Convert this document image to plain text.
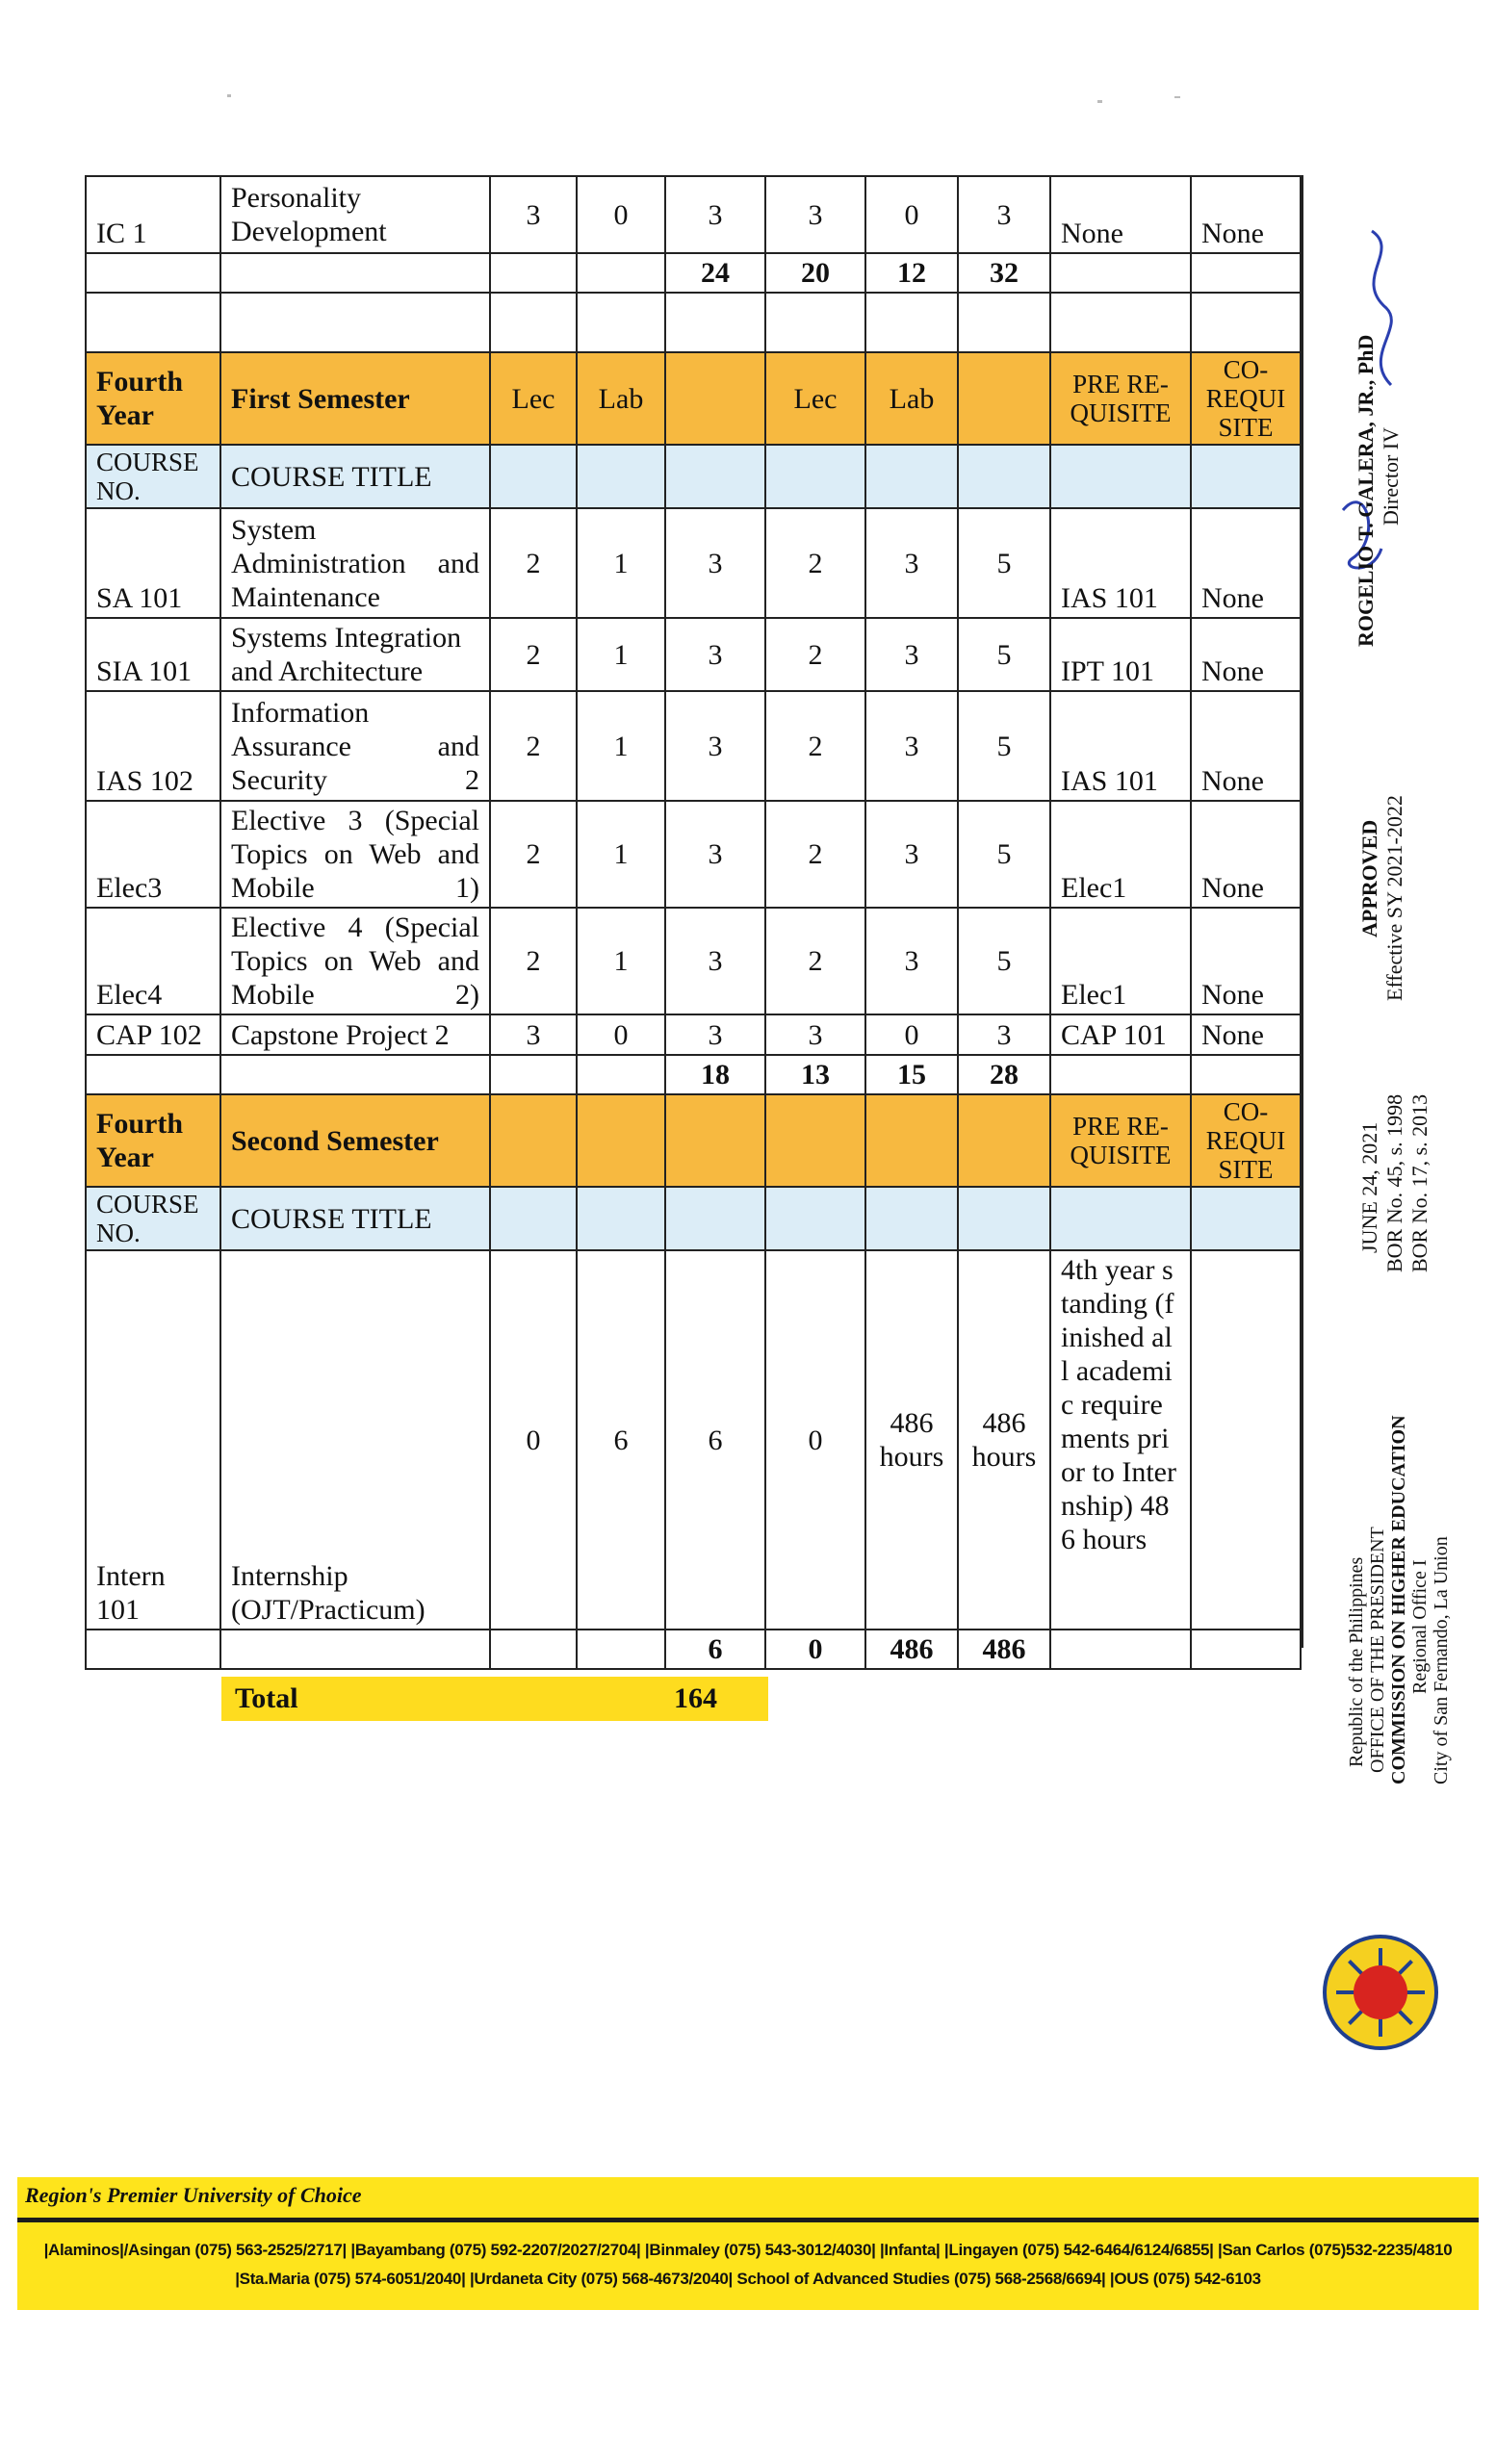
IC 1	Personality Development	3	0	3	3	0	3	None	None
				24	20	12	32		

Fourth Year	First Semester	Lec	Lab		Lec	Lab		PRE RE-QUISITE	CO-REQUI SITE
COURSE NO.	COURSE TITLE								
SA 101	System Administration and Maintenance	2	1	3	2	3	5	IAS 101	None
SIA 101	Systems Integration and Architecture	2	1	3	2	3	5	IPT 101	None
IAS 102	Information Assurance and Security 2	2	1	3	2	3	5	IAS 101	None
Elec3	Elective 3 (Special Topics on Web and Mobile 1)	2	1	3	2	3	5	Elec1	None
Elec4	Elective 4 (Special Topics on Web and Mobile 2)	2	1	3	2	3	5	Elec1	None
CAP 102	Capstone Project 2	3	0	3	3	0	3	CAP 101	None
				18	13	15	28		
Fourth Year	Second Semester							PRE RE-QUISITE	CO-REQUI SITE
COURSE NO.	COURSE TITLE								
Intern 101	Internship (OJT/Practicum)	0	6	6	0	486 hours	486 hours	4th year standing (finished all academic requirements prior to Internship) 486 hours	
				6	0	486	486		
Total	164
ROGELIO T. GALERA, JR., PhD Director IV
APPROVED Effective SY 2021-2022
JUNE 24, 2021 BOR No. 45, s. 1998 BOR No. 17, s. 2013
Republic of the Philippines OFFICE OF THE PRESIDENT COMMISSION ON HIGHER EDUCATION Regional Office I City of San Fernando, La Union
Region's Premier University of Choice
|Alaminos|/Asingan (075) 563-2525/2717| |Bayambang (075) 592-2207/2027/2704| |Binmaley (075) 543-3012/4030| |Infanta| |Lingayen (075) 542-6464/6124/6855| |San Carlos (075)532-2235/4810
|Sta.Maria (075) 574-6051/2040| |Urdaneta City (075) 568-4673/2040| School of Advanced Studies (075) 568-2568/6694| |OUS (075) 542-6103
